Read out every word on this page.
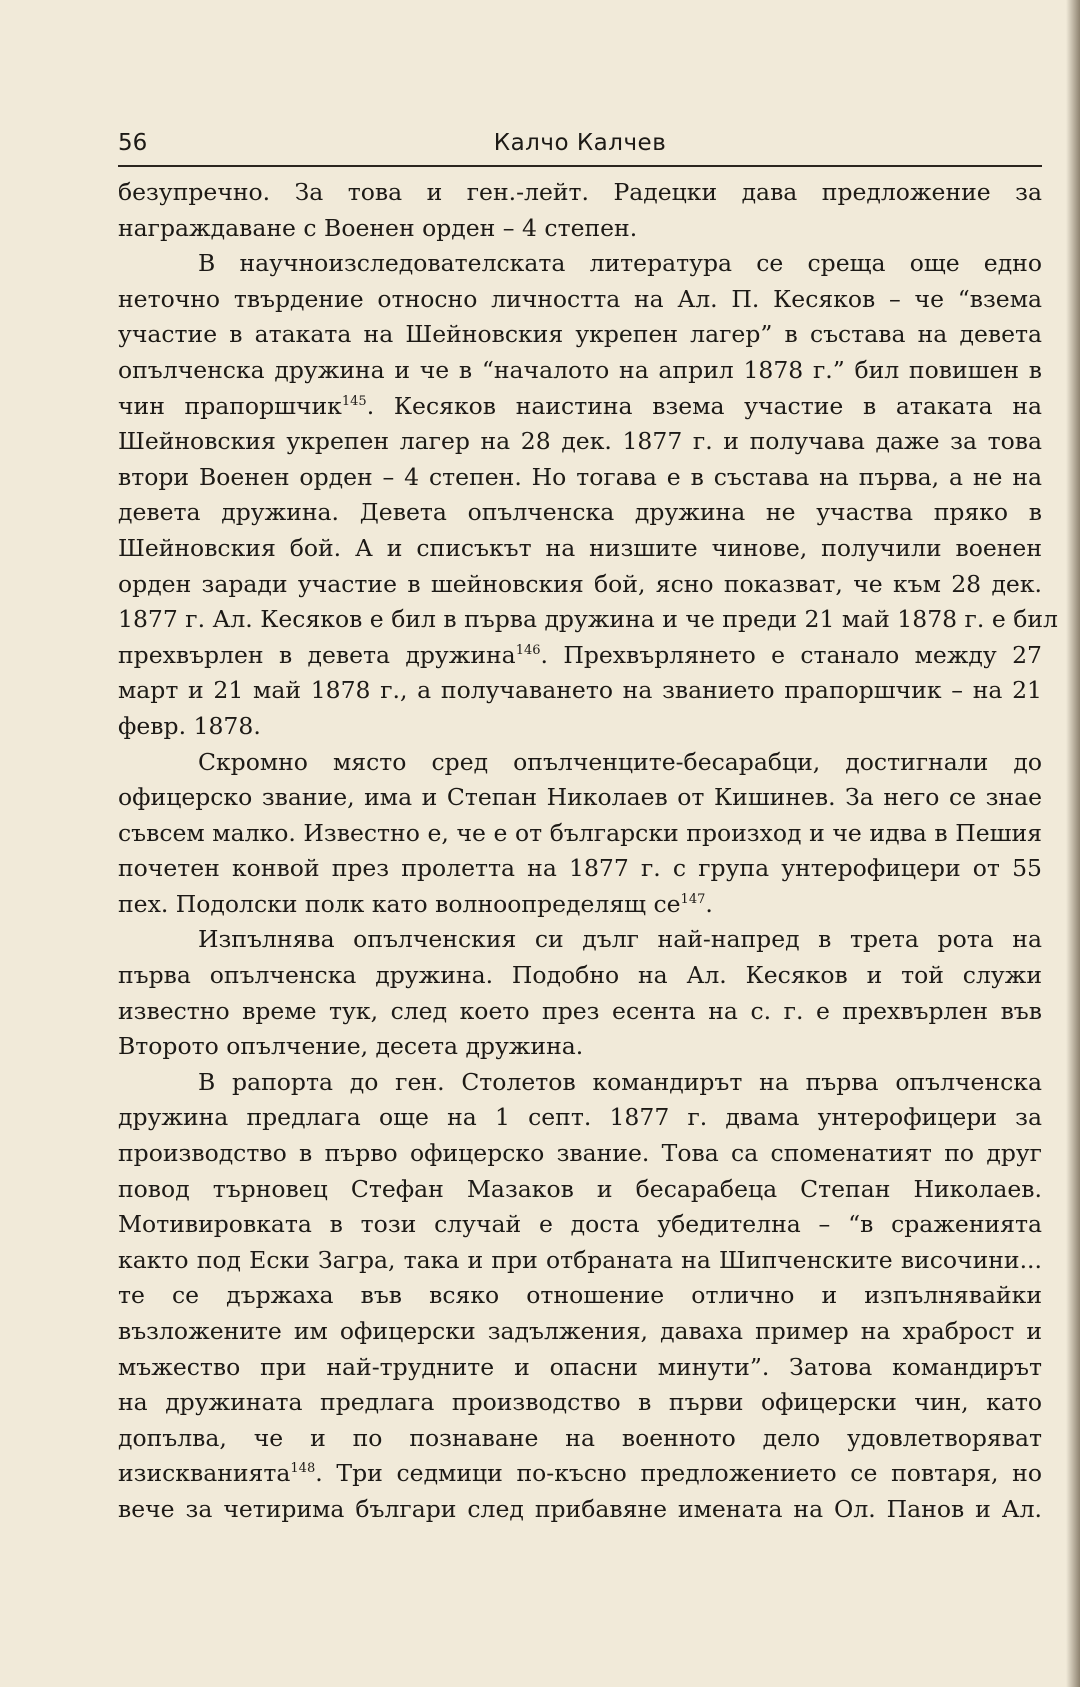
56	Калчо Калчев
безупречно. За това и ген.-лейт. Радецки дава предложение за
награждаване с Военен орден – 4 степен.
В научноизследователската литература се среща още едно
неточно твърдение относно личността на Ал. П. Кесяков – че “взема
участие в атаката на Шейновския укрепен лагер” в състава на девета
опълченска дружина и че в “началото на април 1878 г.” бил повишен в
чин прапоршчик$^{145}$. Кесяков наистина взема участие в атаката на
Шейновския укрепен лагер на 28 дек. 1877 г. и получава даже за това
втори Военен орден – 4 степен. Но тогава е в състава на първа, а не на
девета дружина. Девета опълченска дружина не участва пряко в
Шейновския бой. А и списъкът на низшите чинове, получили военен
орден заради участие в шейновския бой, ясно показват, че към 28 дек.
1877 г. Ал. Кесяков е бил в първа дружина и че преди 21 май 1878 г. е бил
прехвърлен в девета дружина$^{146}$. Прехвърлянето е станало между 27
март и 21 май 1878 г., а получаването на званието прапоршчик – на 21
февр. 1878.
Скромно място сред опълченците-бесарабци, достигнали до
офицерско звание, има и Степан Николаев от Кишинев. За него се знае
съвсем малко. Известно е, че е от български произход и че идва в Пешия
почетен конвой през пролетта на 1877 г. с група унтерофицери от 55
пех. Подолски полк като волноопределящ се$^{147}$.
Изпълнява опълченския си дълг най-напред в трета рота на
първа опълченска дружина. Подобно на Ал. Кесяков и той служи
известно време тук, след което през есента на с. г. е прехвърлен във
Второто опълчение, десета дружина.
В рапорта до ген. Столетов командирът на първа опълченска
дружина предлага още на 1 септ. 1877 г. двама унтерофицери за
производство в първо офицерско звание. Това са споменатият по друг
повод търновец Стефан Мазаков и бесарабеца Степан Николаев.
Мотивировката в този случай е доста убедителна – “в сраженията
както под Ески Загра, така и при отбраната на Шипченските височини...
те се държаха във всяко отношение отлично и изпълнявайки
възложените им офицерски задължения, даваха пример на храброст и
мъжество при най-трудните и опасни минути”. Затова командирът
на дружината предлага производство в първи офицерски чин, като
допълва, че и по познаване на военното дело удовлетворяват
изискванията$^{148}$. Три седмици по-късно предложението се повтаря, но
вече за четирима българи след прибавяне имената на Ол. Панов и Ал.
